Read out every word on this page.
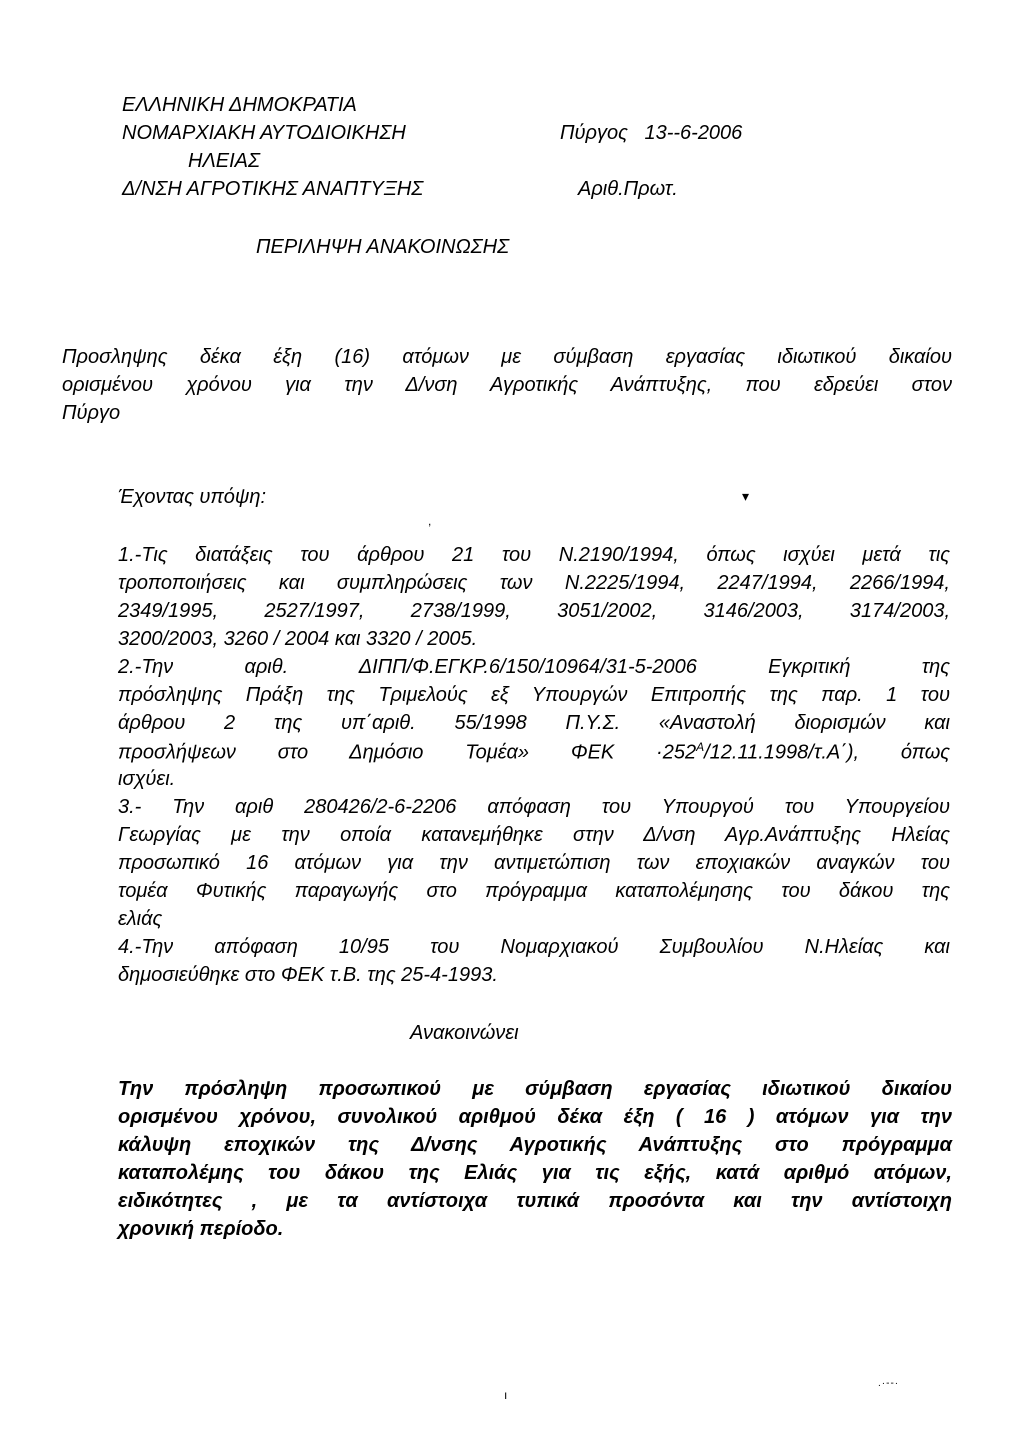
ΕΛΛΗΝΙΚΗ ΔΗΜΟΚΡΑΤΙΑ
ΝΟΜΑΡΧΙΑΚΗ ΑΥΤΟΔΙΟΙΚΗΣΗ
ΗΛΕΙΑΣ
Δ/ΝΣΗ ΑΓΡΟΤΙΚΗΣ ΑΝΑΠΤΥΞΗΣ
Πύργος   13--6-2006
Αριθ.Πρωτ.
ΠΕΡΙΛΗΨΗ ΑΝΑΚΟΙΝΩΣΗΣ
Προσληψης δέκα έξη (16) ατόμων με σύμβαση εργασίας ιδιωτικού δικαίου
ορισμένου χρόνου για την Δ/νση Αγροτικής Ανάπτυξης, που εδρεύει στον
Πύργο
Έχοντας υπόψη:	▾
,
1.-Τις διατάξεις του άρθρου 21 του Ν.2190/1994, όπως ισχύει μετά τις
τροποποιήσεις και συμπληρώσεις των Ν.2225/1994, 2247/1994, 2266/1994,
2349/1995, 2527/1997, 2738/1999, 3051/2002, 3146/2003, 3174/2003,
3200/2003, 3260 / 2004 και 3320 / 2005.
2.-Την αριθ. ΔΙΠΠ/Φ.ΕΓΚΡ.6/150/10964/31-5-2006 Εγκριτική της
πρόσληψης Πράξη της Τριμελούς εξ Υπουργών Επιτροπής της παρ. 1 του
άρθρου 2 της υπ΄αριθ. 55/1998 Π.Υ.Σ. «Αναστολή διορισμών και
προσλήψεων στο Δημόσιο Τομέα» $\Phi EK \cdot 252^A/12.11.1998/\tau.A΄$), όπως
ισχύει.
3.- Την αριθ 280426/2-6-2206 απόφαση του Υπουργού του Υπουργείου
Γεωργίας με την οποία κατανεμήθηκε στην Δ/νση Αγρ.Ανάπτυξης Ηλείας
προσωπικό 16 ατόμων για την αντιμετώπιση των εποχιακών αναγκών του
τομέα Φυτικής παραγωγής στο πρόγραμμα καταπολέμησης του δάκου της
ελιάς
4.-Την απόφαση 10/95 του Νομαρχιακού Συμβουλίου Ν.Ηλείας και
δημοσιεύθηκε στο ΦΕΚ τ.Β. της 25-4-1993.
Ανακοινώνει
Την πρόσληψη προσωπικού με σύμβαση εργασίας ιδιωτικού δικαίου
ορισμένου χρόνου, συνολικού αριθμού δέκα έξη ( 16 ) ατόμων για την
κάλυψη εποχικών της Δ/νσης Αγροτικής Ανάπτυξης στο πρόγραμμα
καταπολέμης του δάκου της Ελιάς για τις εξής, κατά αριθμό ατόμων,
ειδικότητες , με τα αντίστοιχα τυπικά προσόντα και την αντίστοιχη
χρονική περίοδο.
ı
.·--·
